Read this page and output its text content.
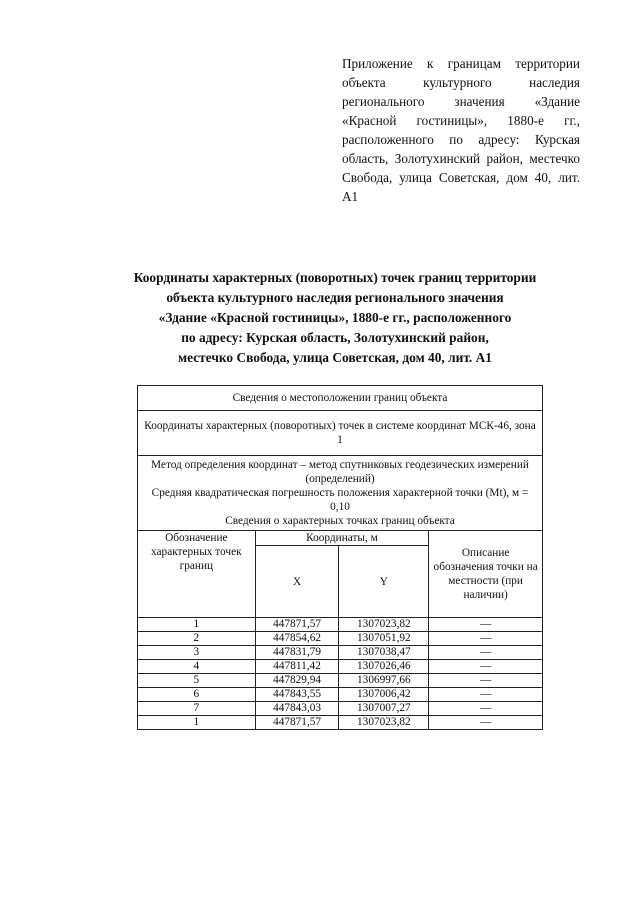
Приложение к границам территории объекта культурного наследия регионального значения «Здание «Красной гостиницы», 1880-е гг., расположенного по адресу: Курская область, Золотухинский район, местечко Свобода, улица Советская, дом 40, лит. А1
Координаты характерных (поворотных) точек границ территории
объекта культурного наследия регионального значения
«Здание «Красной гостиницы», 1880-е гг., расположенного
по адресу: Курская область, Золотухинский район,
местечко Свобода, улица Советская, дом 40, лит. А1
Сведения о местоположении границ объекта			
Координаты характерных (поворотных) точек в системе координат МСК-46, зона 1			

Метод определения координат – метод спутниковых геодезических измерений (определений)
Средняя квадратическая погрешность положения характерной точки (Mt), м = 0,10
Сведения о характерных точках границ объекта			

Обозначение характерных точек границ	Координаты, м		Описание обозначения точки на местности (при наличии)
	X	Y	
1	447871,57	1307023,82	—
2	447854,62	1307051,92	—
3	447831,79	1307038,47	—
4	447811,42	1307026,46	—
5	447829,94	1306997,66	—
6	447843,55	1307006,42	—
7	447843,03	1307007,27	—
1	447871,57	1307023,82	—
